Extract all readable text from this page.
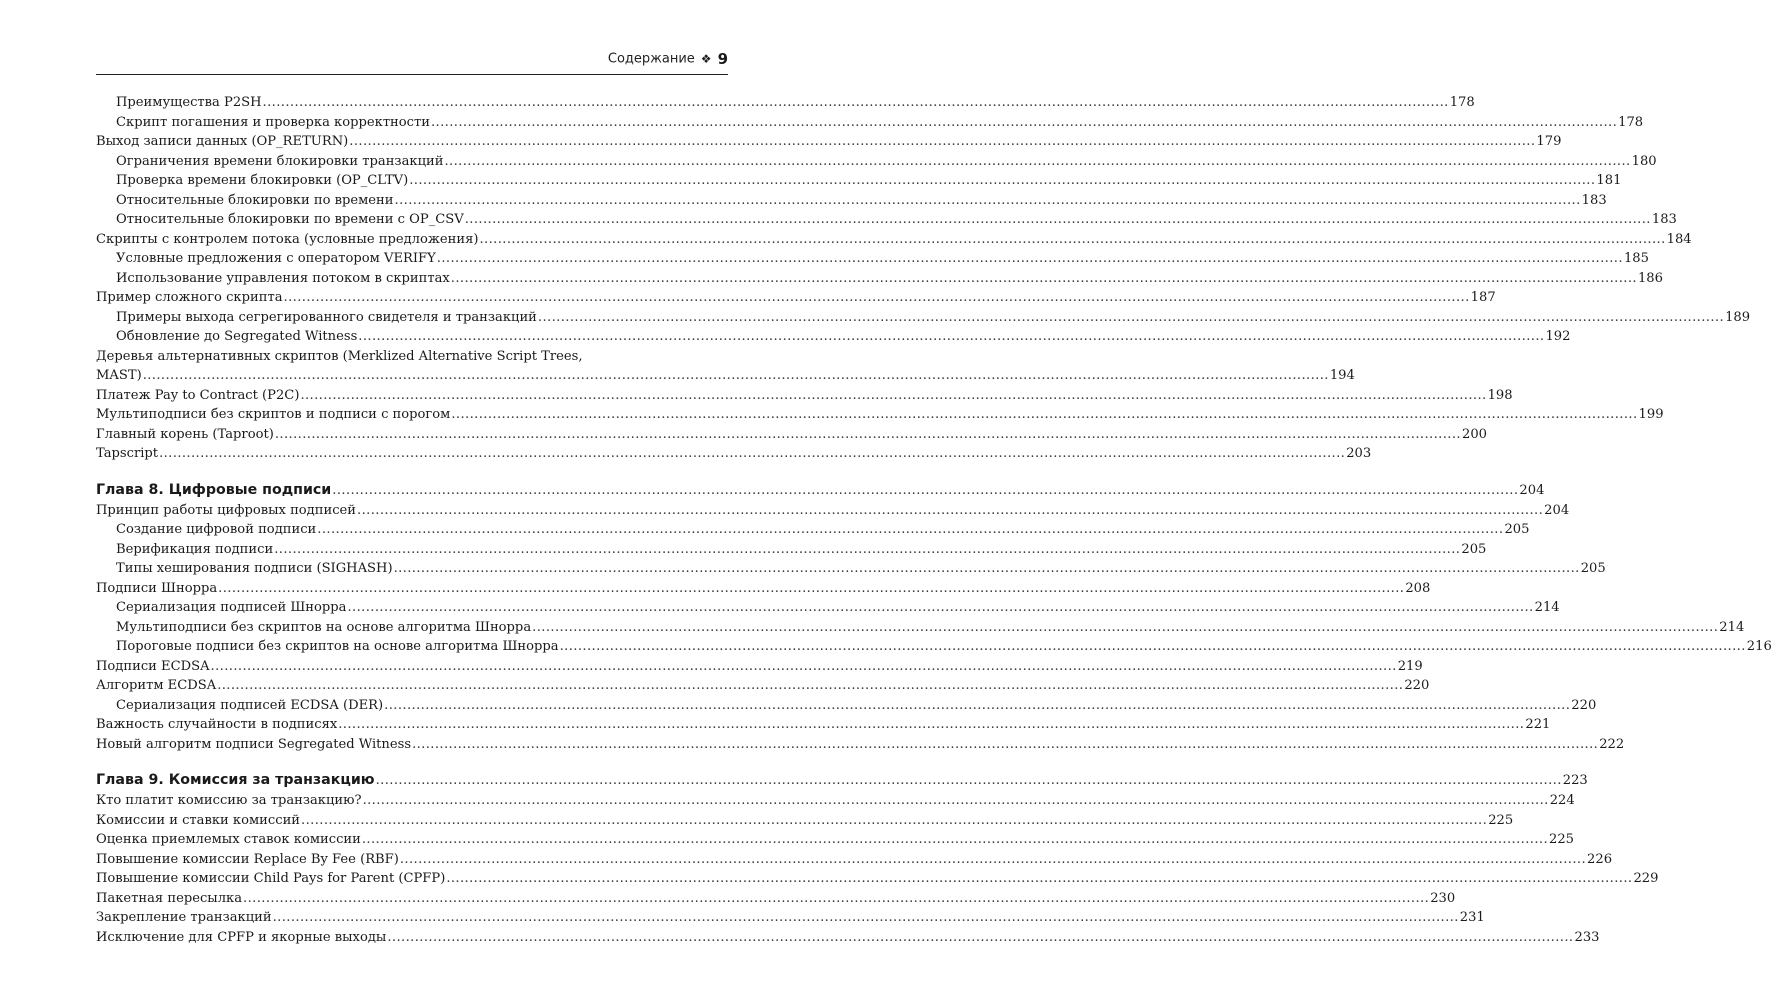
Содержание ❖ 9
Преимущества P2SH .................................................................................................................................................................................................................................................................... 178
Скрипт погашения и проверка корректности .................................................................................................................................................................................................................................................................... 178
Выход записи данных (OP_RETURN) .................................................................................................................................................................................................................................................................... 179
Ограничения времени блокировки транзакций .................................................................................................................................................................................................................................................................... 180
Проверка времени блокировки (OP_CLTV) .................................................................................................................................................................................................................................................................... 181
Относительные блокировки по времени .................................................................................................................................................................................................................................................................... 183
Относительные блокировки по времени с OP_CSV .................................................................................................................................................................................................................................................................... 183
Скрипты с контролем потока (условные предложения) .................................................................................................................................................................................................................................................................... 184
Условные предложения с оператором VERIFY .................................................................................................................................................................................................................................................................... 185
Использование управления потоком в скриптах .................................................................................................................................................................................................................................................................... 186
Пример сложного скрипта .................................................................................................................................................................................................................................................................... 187
Примеры выхода сегрегированного свидетеля и транзакций .................................................................................................................................................................................................................................................................... 189
Обновление до Segregated Witness .................................................................................................................................................................................................................................................................... 192
Деревья альтернативных скриптов (Merklized Alternative Script Trees,
MAST) .................................................................................................................................................................................................................................................................... 194
Платеж Pay to Contract (P2C) .................................................................................................................................................................................................................................................................... 198
Мультиподписи без скриптов и подписи с порогом .................................................................................................................................................................................................................................................................... 199
Главный корень (Taproot) .................................................................................................................................................................................................................................................................... 200
Tapscript .................................................................................................................................................................................................................................................................... 203
Глава 8. Цифровые подписи .................................................................................................................................................................................................................................................................... 204
Принцип работы цифровых подписей .................................................................................................................................................................................................................................................................... 204
Создание цифровой подписи .................................................................................................................................................................................................................................................................... 205
Верификация подписи .................................................................................................................................................................................................................................................................... 205
Типы хеширования подписи (SIGHASH) .................................................................................................................................................................................................................................................................... 205
Подписи Шнорра .................................................................................................................................................................................................................................................................... 208
Сериализация подписей Шнорра .................................................................................................................................................................................................................................................................... 214
Мультиподписи без скриптов на основе алгоритма Шнорра .................................................................................................................................................................................................................................................................... 214
Пороговые подписи без скриптов на основе алгоритма Шнорра .................................................................................................................................................................................................................................................................... 216
Подписи ECDSA .................................................................................................................................................................................................................................................................... 219
Алгоритм ECDSA .................................................................................................................................................................................................................................................................... 220
Сериализация подписей ECDSA (DER) .................................................................................................................................................................................................................................................................... 220
Важность случайности в подписях .................................................................................................................................................................................................................................................................... 221
Новый алгоритм подписи Segregated Witness .................................................................................................................................................................................................................................................................... 222
Глава 9. Комиссия за транзакцию .................................................................................................................................................................................................................................................................... 223
Кто платит комиссию за транзакцию? .................................................................................................................................................................................................................................................................... 224
Комиссии и ставки комиссий .................................................................................................................................................................................................................................................................... 225
Оценка приемлемых ставок комиссии .................................................................................................................................................................................................................................................................... 225
Повышение комиссии Replace By Fee (RBF) .................................................................................................................................................................................................................................................................... 226
Повышение комиссии Child Pays for Parent (CPFP) .................................................................................................................................................................................................................................................................... 229
Пакетная пересылка .................................................................................................................................................................................................................................................................... 230
Закрепление транзакций .................................................................................................................................................................................................................................................................... 231
Исключение для CPFP и якорные выходы .................................................................................................................................................................................................................................................................... 233
